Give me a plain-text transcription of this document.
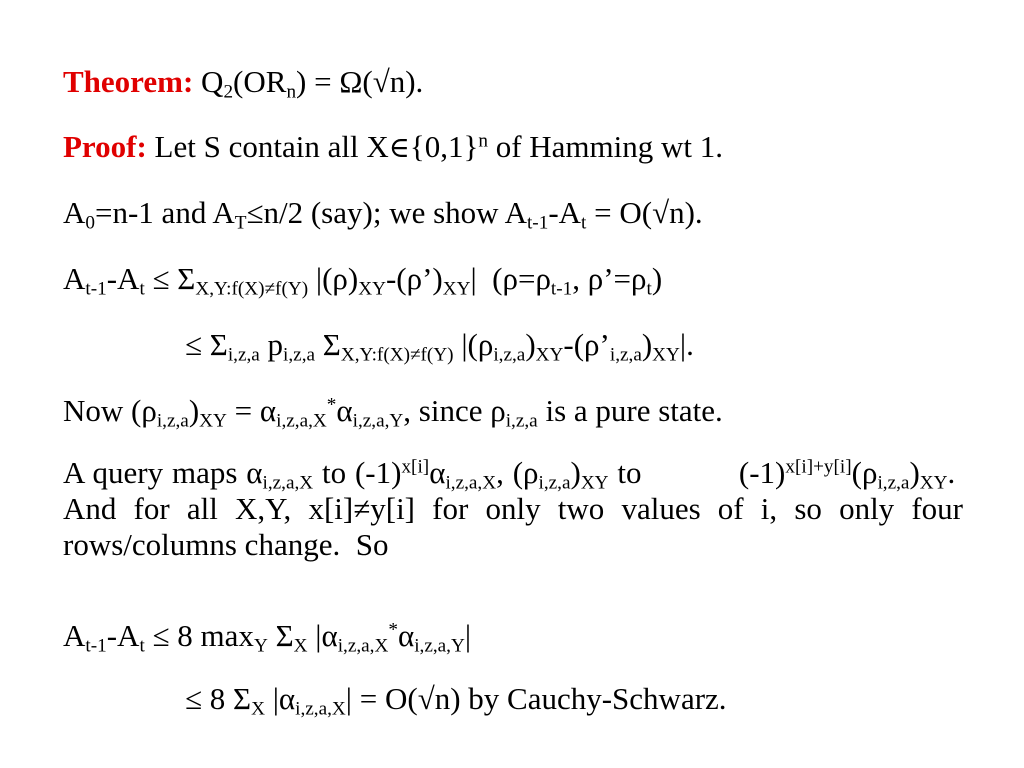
Theorem: $Q_2(OR_n) = \Omega(√n)$.
Proof: Let S contain all $X\in\{0,1\}^n$ of Hamming wt 1.
$A_0=n-1$ and $A_T\le n/2$ (say); we show $A_{t-1}-A_t = O(√n)$.
$A_{t-1}-A_t \le \Sigma_{X,Y:f(X)\ne f(Y)}$ $|(\rho)_{XY}-(\rho’)_{XY}|$  ($\rho=\rho_{t-1}$, $\rho’=\rho_t$)
≤ $\Sigma_{i,z,a}$ $p_{i,z,a}$ $\Sigma_{X,Y:f(X)\ne f(Y)}$ $|(\rho_{i,z,a})_{XY}-(\rho’_{i,z,a})_{XY}|$.
Now $(\rho_{i,z,a})_{XY} = \alpha_{i,z,a,X}^*\alpha_{i,z,a,Y}$, since $\rho_{i,z,a}$ is a pure state.
A query maps $\alpha_{i,z,a,X}$ to $(-1)^{x[i]}\alpha_{i,z,a,X}$, $(\rho_{i,z,a})_{XY}$ to           $(-1)^{x[i]+y[i]}(\rho_{i,z,a})_{XY}$.  And for all X,Y, x[i]≠y[i] for only two values of i, so only four rows/columns change.  So
$A_{t-1}-A_t \le 8$ $\max_Y \Sigma_X$ $|\alpha_{i,z,a,X}^*\alpha_{i,z,a,Y}|$
≤ 8 $\Sigma_X$ $|\alpha_{i,z,a,X}| = O(√n)$ by Cauchy-Schwarz.
